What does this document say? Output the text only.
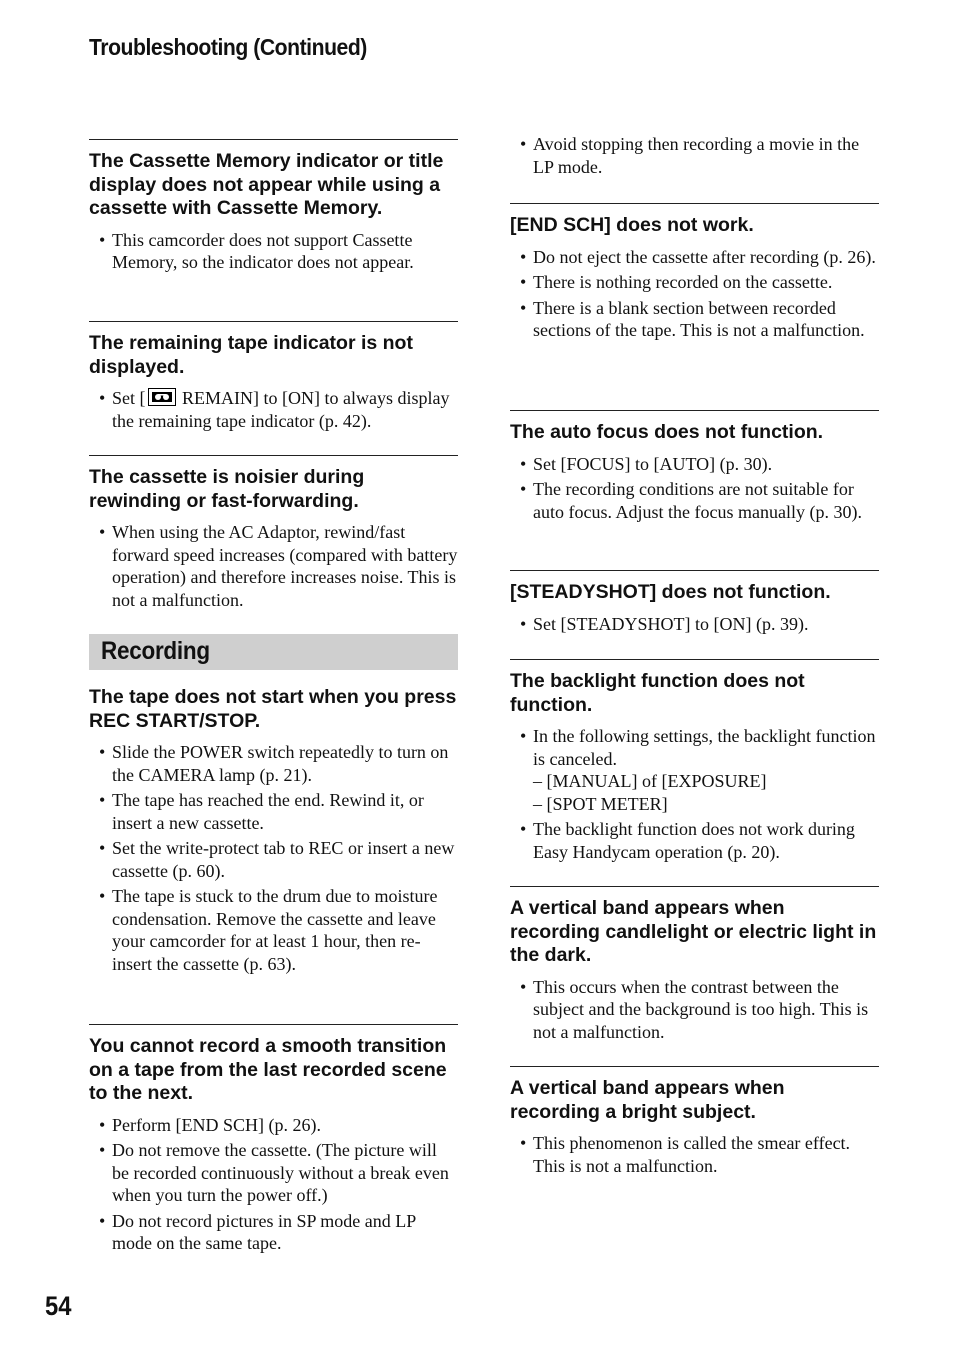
Troubleshooting (Continued)
The Cassette Memory indicator or title display does not appear while using a cassette with Cassette Memory.
• This camcorder does not support Cassette Memory, so the indicator does not appear.
The remaining tape indicator is not displayed.
• Set [
REMAIN] to [ON] to always display the remaining tape indicator (p. 42).
The cassette is noisier during rewinding or fast-forwarding.
• When using the AC Adaptor, rewind/fast forward speed increases (compared with battery operation) and therefore increases noise. This is not a malfunction.
Recording
The tape does not start when you press REC START/STOP.
• Slide the POWER switch repeatedly to turn on the CAMERA lamp (p. 21).
• The tape has reached the end. Rewind it, or insert a new cassette.
• Set the write-protect tab to REC or insert a new cassette (p. 60).
• The tape is stuck to the drum due to moisture condensation. Remove the cassette and leave your camcorder for at least 1 hour, then re-insert the cassette (p. 63).
You cannot record a smooth transition on a tape from the last recorded scene to the next.
• Perform [END SCH] (p. 26).
• Do not remove the cassette. (The picture will be recorded continuously without a break even when you turn the power off.)
• Do not record pictures in SP mode and LP mode on the same tape.
• Avoid stopping then recording a movie in the LP mode.
[END SCH] does not work.
• Do not eject the cassette after recording (p. 26).
• There is nothing recorded on the cassette.
• There is a blank section between recorded sections of the tape. This is not a malfunction.
The auto focus does not function.
• Set [FOCUS] to [AUTO] (p. 30).
• The recording conditions are not suitable for auto focus. Adjust the focus manually (p. 30).
[STEADYSHOT] does not function.
• Set [STEADYSHOT] to [ON] (p. 39).
The backlight function does not function.
• In the following settings, the backlight function is canceled.
– [MANUAL] of [EXPOSURE]
– [SPOT METER]
• The backlight function does not work during Easy Handycam operation (p. 20).
A vertical band appears when recording candlelight or electric light in the dark.
• This occurs when the contrast between the subject and the background is too high. This is not a malfunction.
A vertical band appears when recording a bright subject.
• This phenomenon is called the smear effect. This is not a malfunction.
54
